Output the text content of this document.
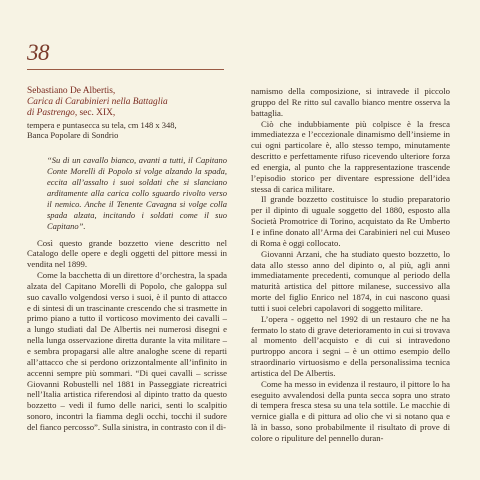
38
Sebastiano De Albertis,
Carica di Carabinieri nella Battaglia
di Pastrengo, sec. XIX,
tempera e puntasecca su tela, cm 148 x 348,
Banca Popolare di Sondrio
“Su di un cavallo bianco, avanti a tutti, il Capitano Conte Morelli di Popolo si volge alzando la spada, eccita all’assalto i suoi soldati che si slanciano arditamente alla carica collo sguardo rivolto verso il nemico. Anche il Tenente Cavagna si volge colla spada alzata, incitando i soldati come il suo Capitano”.

Così questo grande bozzetto viene descritto nel Catalogo delle opere e degli oggetti del pittore messi in vendita nel 1899.

Come la bacchetta di un direttore d’orchestra, la spada alzata del Capitano Morelli di Popolo, che galoppa sul suo cavallo volgendosi verso i suoi, è il punto di attacco e di sintesi di un trascinante crescendo che si trasmette in primo piano a tutto il vorticoso movimento dei cavalli – a lungo studiati dal De Albertis nei numerosi disegni e nella lunga osservazione diretta durante la vita militare – e sembra propagarsi alle altre analoghe scene di reparti all’attacco che si perdono orizzontalmente all’infinito in accenni sempre più sommari. “Di quei cavalli – scrisse Giovanni Robustelli nel 1881 in Passeggiate ricreatrici nell’Italia artistica riferendosi al dipinto tratto da questo bozzetto – vedi il fumo delle narici, senti lo scalpitio sonoro, incontri la fiamma degli occhi, tocchi il sudore del fianco percosso”. Sulla sinistra, in contrasto con il di-

namismo della composizione, si intravede il piccolo gruppo del Re ritto sul cavallo bianco mentre osserva la battaglia.

Ciò che indubbiamente più colpisce è la fresca immediatezza e l’eccezionale dinamismo dell’insieme in cui ogni particolare è, allo stesso tempo, minutamente descritto e perfettamente rifuso ricevendo ulteriore forza ed energia, al punto che la rappresentazione trascende l’episodio storico per diventare espressione dell’idea stessa di carica militare.

Il grande bozzetto costituisce lo studio preparatorio per il dipinto di uguale soggetto del 1880, esposto alla Società Promotrice di Torino, acquistato da Re Umberto I e infine donato all’Arma dei Carabinieri nel cui Museo di Roma è oggi collocato.

Giovanni Arzani, che ha studiato questo bozzetto, lo data allo stesso anno del dipinto o, al più, agli anni immediatamente precedenti, comunque al periodo della maturità artistica del pittore milanese, successivo alla morte del figlio Enrico nel 1874, in cui nascono quasi tutti i suoi celebri capolavori di soggetto militare.

L’opera - oggetto nel 1992 di un restauro che ne ha fermato lo stato di grave deterioramento in cui si trovava al momento dell’acquisto e di cui si intravedono purtroppo ancora i segni – è un ottimo esempio dello straordinario virtuosismo e della personalissima tecnica artistica del De Albertis.

Come ha messo in evidenza il restauro, il pittore lo ha eseguito avvalendosi della punta secca sopra uno strato di tempera fresca stesa su una tela sottile. Le macchie di vernice gialla e di pittura ad olio che vi si notano qua e là in basso, sono probabilmente il risultato di prove di colore o ripuliture del pennello duran-
